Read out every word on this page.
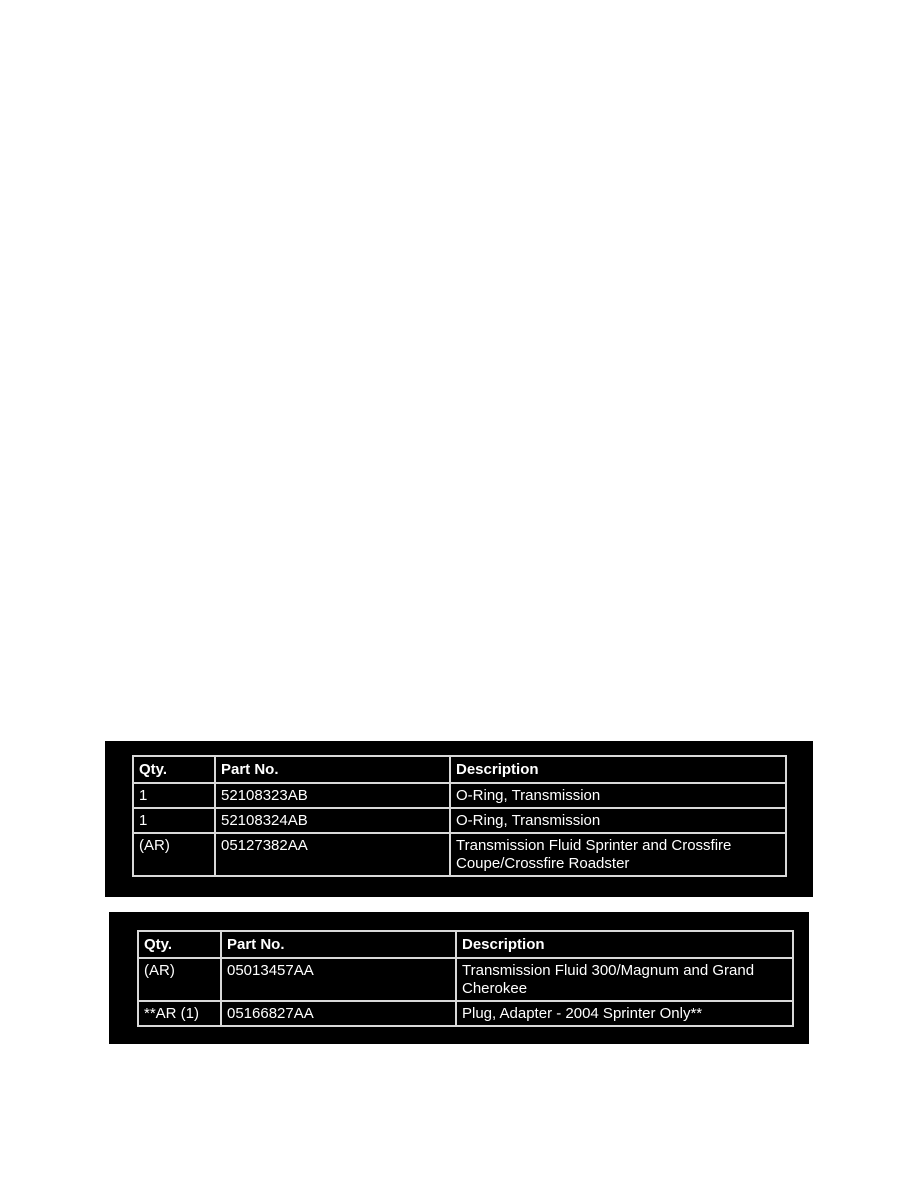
Qty.	Part No.	Description
1	52108323AB	O-Ring, Transmission
1	52108324AB	O-Ring, Transmission
(AR)	05127382AA	Transmission Fluid Sprinter and Crossfire Coupe/Crossfire Roadster
Qty.	Part No.	Description
(AR)	05013457AA	Transmission Fluid 300/Magnum and Grand Cherokee
**AR (1)	05166827AA	Plug, Adapter - 2004 Sprinter Only**
